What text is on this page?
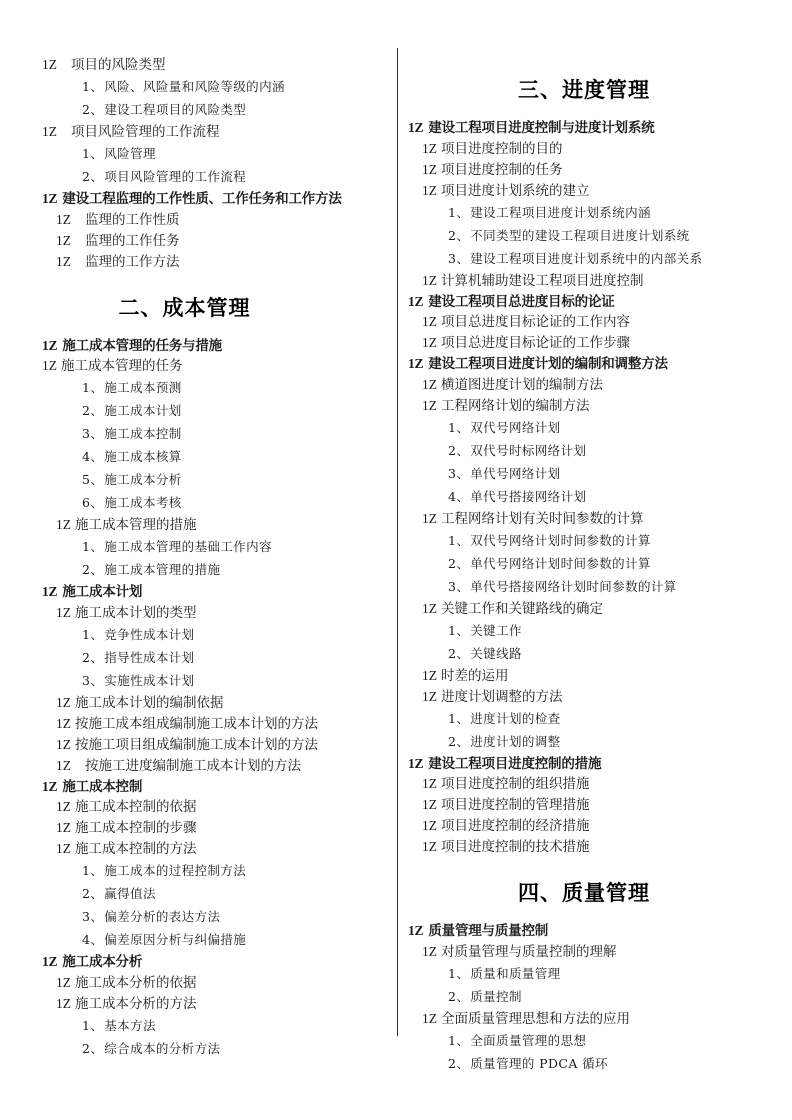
1Z 项目的风险类型
1、风险、风险量和风险等级的内涵
2、建设工程项目的风险类型
1Z 项目风险管理的工作流程
1、风险管理
2、项目风险管理的工作流程
1Z 建设工程监理的工作性质、工作任务和工作方法
1Z 监理的工作性质
1Z 监理的工作任务
1Z 监理的工作方法
二、成本管理
1Z 施工成本管理的任务与措施
1Z 施工成本管理的任务
1、施工成本预测
2、施工成本计划
3、施工成本控制
4、施工成本核算
5、施工成本分析
6、施工成本考核
1Z 施工成本管理的措施
1、施工成本管理的基础工作内容
2、施工成本管理的措施
1Z 施工成本计划
1Z 施工成本计划的类型
1、竞争性成本计划
2、指导性成本计划
3、实施性成本计划
1Z 施工成本计划的编制依据
1Z 按施工成本组成编制施工成本计划的方法
1Z 按施工项目组成编制施工成本计划的方法
1Z 按施工进度编制施工成本计划的方法
1Z 施工成本控制
1Z 施工成本控制的依据
1Z 施工成本控制的步骤
1Z 施工成本控制的方法
1、施工成本的过程控制方法
2、赢得值法
3、偏差分析的表达方法
4、偏差原因分析与纠偏措施
1Z 施工成本分析
1Z 施工成本分析的依据
1Z 施工成本分析的方法
1、基本方法
2、综合成本的分析方法
三、进度管理
1Z 建设工程项目进度控制与进度计划系统
1Z 项目进度控制的目的
1Z 项目进度控制的任务
1Z 项目进度计划系统的建立
1、建设工程项目进度计划系统内涵
2、不同类型的建设工程项目进度计划系统
3、建设工程项目进度计划系统中的内部关系
1Z 计算机辅助建设工程项目进度控制
1Z 建设工程项目总进度目标的论证
1Z 项目总进度目标论证的工作内容
1Z 项目总进度目标论证的工作步骤
1Z 建设工程项目进度计划的编制和调整方法
1Z 横道图进度计划的编制方法
1Z 工程网络计划的编制方法
1、双代号网络计划
2、双代号时标网络计划
3、单代号网络计划
4、单代号搭接网络计划
1Z 工程网络计划有关时间参数的计算
1、双代号网络计划时间参数的计算
2、单代号网络计划时间参数的计算
3、单代号搭接网络计划时间参数的计算
1Z 关键工作和关键路线的确定
1、关键工作
2、关键线路
1Z 时差的运用
1Z 进度计划调整的方法
1、进度计划的检查
2、进度计划的调整
1Z 建设工程项目进度控制的措施
1Z 项目进度控制的组织措施
1Z 项目进度控制的管理措施
1Z 项目进度控制的经济措施
1Z 项目进度控制的技术措施
四、质量管理
1Z 质量管理与质量控制
1Z 对质量管理与质量控制的理解
1、质量和质量管理
2、质量控制
1Z 全面质量管理思想和方法的应用
1、全面质量管理的思想
2、质量管理的 PDCA 循环
